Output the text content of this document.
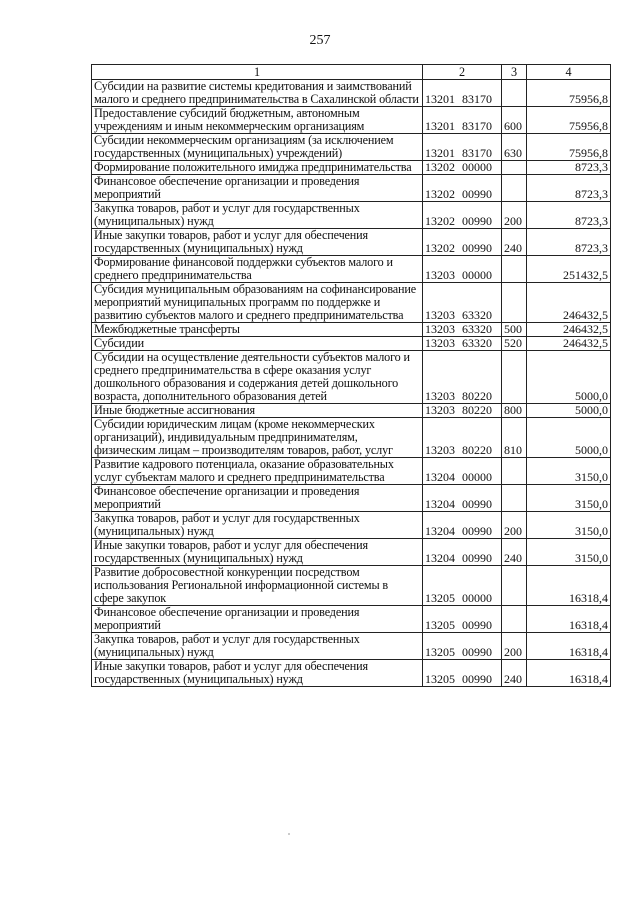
257
1	2	3	4
Субсидии на развитие системы кредитования и заимствований малого и среднего предпринимательства в Сахалинской области	13201 83170		75956,8
Предоставление субсидий бюджетным, автономным учреждениям и иным некоммерческим организациям	13201 83170	600	75956,8
Субсидии некоммерческим организациям (за исключением государственных (муниципальных) учреждений)	13201 83170	630	75956,8
Формирование положительного имиджа предпринимательства	13202 00000		8723,3
Финансовое обеспечение организации и проведения мероприятий	13202 00990		8723,3
Закупка товаров, работ и услуг для государственных (муниципальных) нужд	13202 00990	200	8723,3
Иные закупки товаров, работ и услуг для обеспечения государственных (муниципальных) нужд	13202 00990	240	8723,3
Формирование финансовой поддержки субъектов малого и среднего предпринимательства	13203 00000		251432,5
Субсидия муниципальным образованиям на софинансирование мероприятий муниципальных программ по поддержке и развитию субъектов малого и среднего предпринимательства	13203 63320		246432,5
Межбюджетные трансферты	13203 63320	500	246432,5
Субсидии	13203 63320	520	246432,5
Субсидии на осуществление деятельности субъектов малого и среднего предпринимательства в сфере оказания услуг дошкольного образования и содержания детей дошкольного возраста, дополнительного образования детей	13203 80220		5000,0
Иные бюджетные ассигнования	13203 80220	800	5000,0
Субсидии юридическим лицам (кроме некоммерческих организаций), индивидуальным предпринимателям, физическим лицам – производителям товаров, работ, услуг	13203 80220	810	5000,0
Развитие кадрового потенциала, оказание образовательных услуг субъектам малого и среднего предпринимательства	13204 00000		3150,0
Финансовое обеспечение организации и проведения мероприятий	13204 00990		3150,0
Закупка товаров, работ и услуг для государственных (муниципальных) нужд	13204 00990	200	3150,0
Иные закупки товаров, работ и услуг для обеспечения государственных (муниципальных) нужд	13204 00990	240	3150,0
Развитие добросовестной конкуренции посредством использования Региональной информационной системы в сфере закупок	13205 00000		16318,4
Финансовое обеспечение организации и проведения мероприятий	13205 00990		16318,4
Закупка товаров, работ и услуг для государственных (муниципальных) нужд	13205 00990	200	16318,4
Иные закупки товаров, работ и услуг для обеспечения государственных (муниципальных) нужд	13205 00990	240	16318,4
